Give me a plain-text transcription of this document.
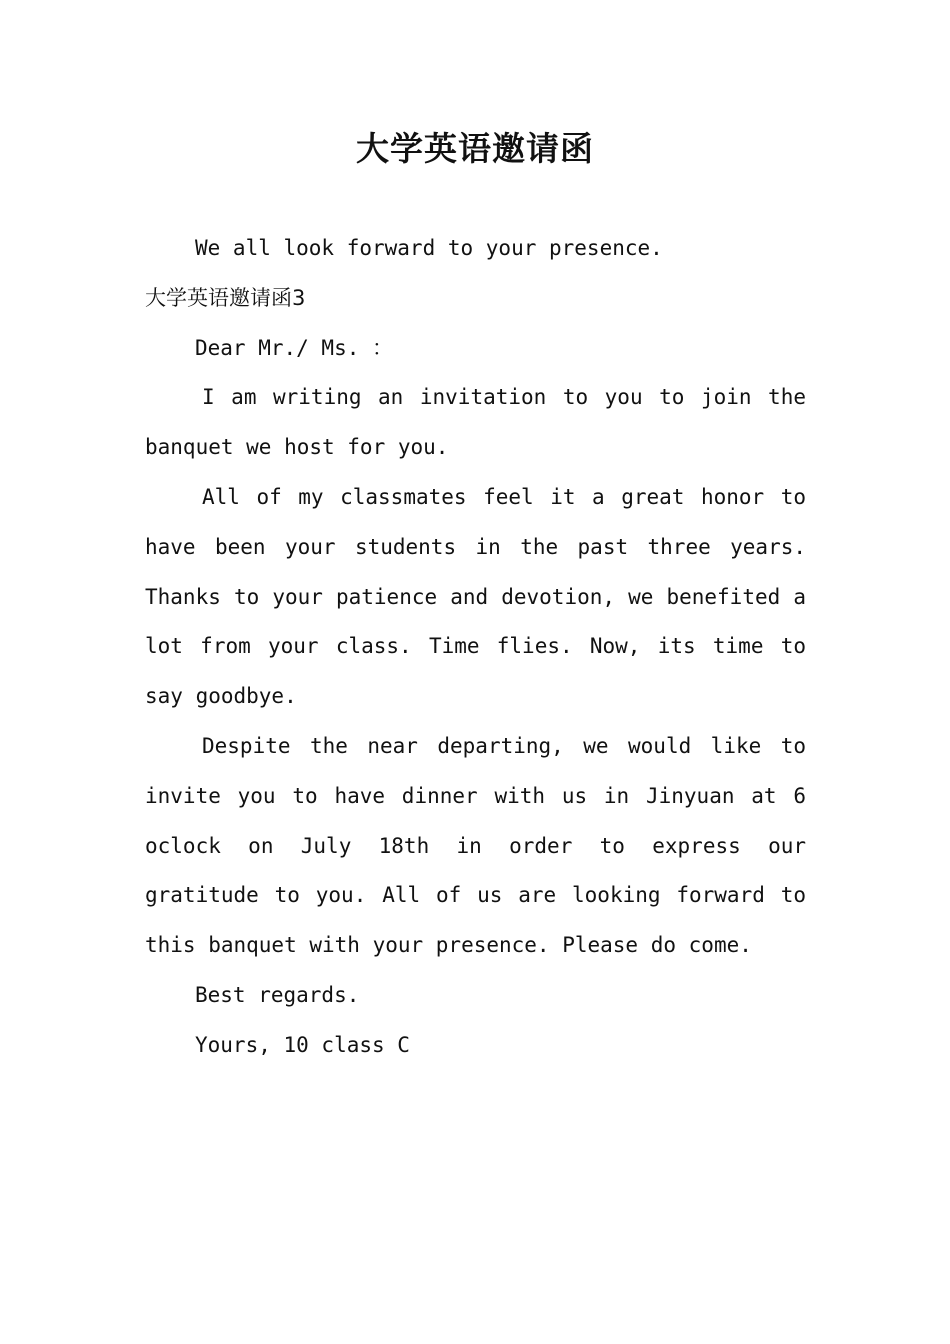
大学英语邀请函

We all look forward to your presence.

大学英语邀请函3

Dear Mr./ Ms. ：

I am writing an invitation to you to join the banquet we host for you.

All of my classmates feel it a great honor to have been your students in the past three years. Thanks to your patience and devotion, we benefited a lot from your class. Time flies. Now, its time to say goodbye.

Despite the near departing, we would like to invite you to have dinner with us in Jinyuan at 6 oclock on July 18th in order to express our gratitude to you. All of us are looking forward to this banquet with your presence. Please do come.

Best regards.

Yours, 10 class C
